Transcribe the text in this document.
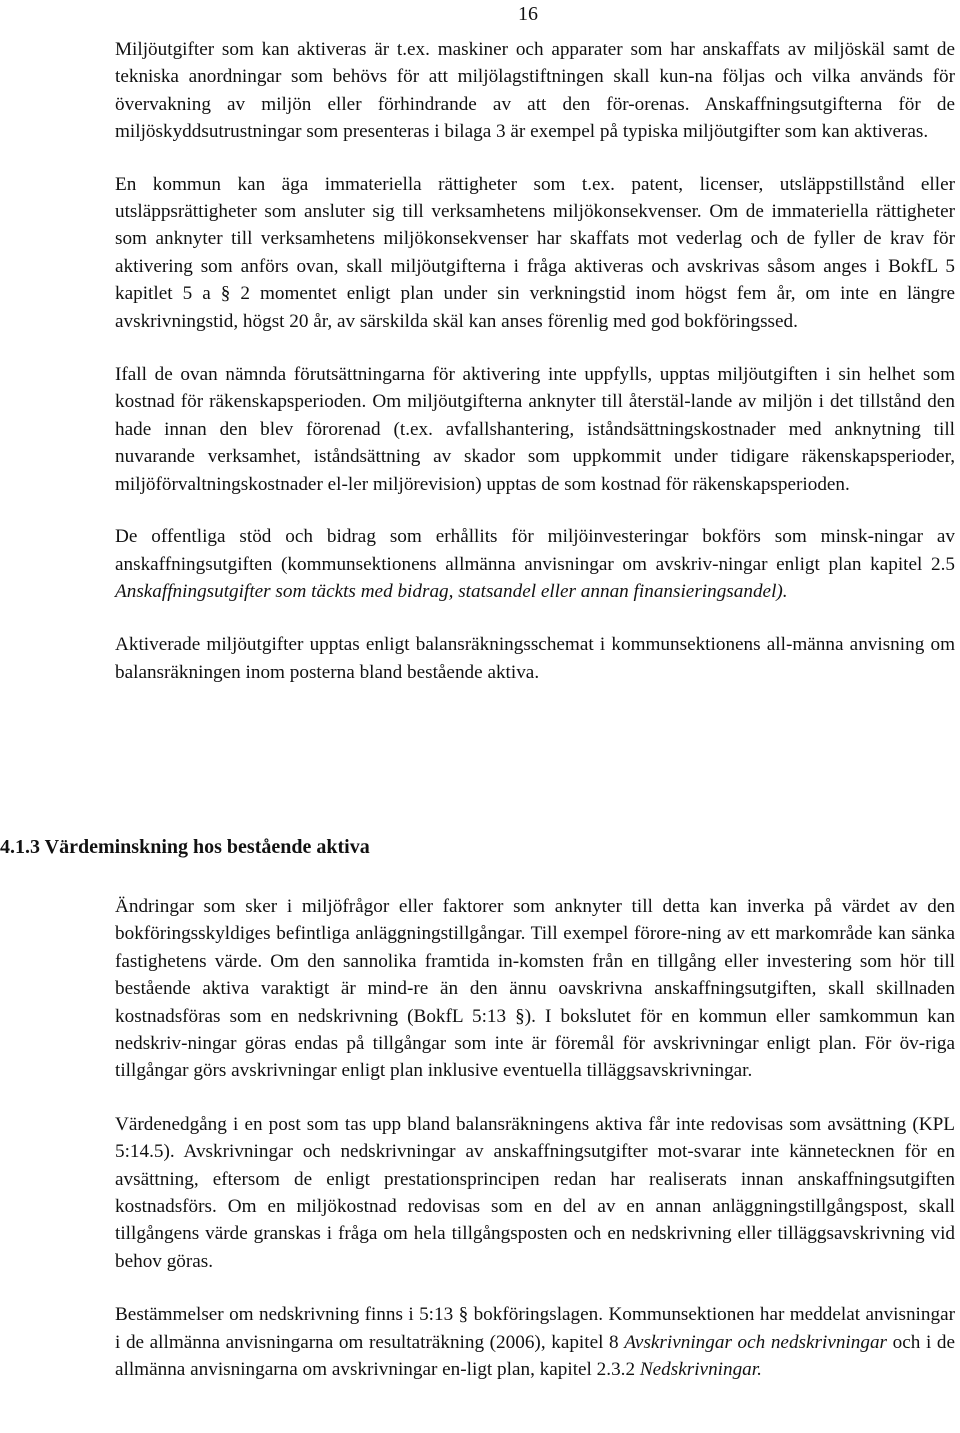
16

Miljöutgifter som kan aktiveras är t.ex. maskiner och apparater som har anskaffats av miljöskäl samt de tekniska anordningar som behövs för att miljölagstiftningen skall kun-na följas och vilka används för övervakning av miljön eller förhindrande av att den för-orenas. Anskaffningsutgifterna för de miljöskyddsutrustningar som presenteras i bilaga 3 är exempel på typiska miljöutgifter som kan aktiveras.

En kommun kan äga immateriella rättigheter som t.ex. patent, licenser, utsläppstillstånd eller utsläppsrättigheter som ansluter sig till verksamhetens miljökonsekvenser. Om de immateriella rättigheter som anknyter till verksamhetens miljökonsekvenser har skaffats mot vederlag och de fyller de krav för aktivering som anförs ovan, skall miljöutgifterna i fråga aktiveras och avskrivas såsom anges i BokfL 5 kapitlet 5 a § 2 momentet enligt plan under sin verkningstid inom högst fem år, om inte en längre avskrivningstid, högst 20 år, av särskilda skäl kan anses förenlig med god bokföringssed.

Ifall de ovan nämnda förutsättningarna för aktivering inte uppfylls, upptas miljöutgiften i sin helhet som kostnad för räkenskapsperioden. Om miljöutgifterna anknyter till återstäl-lande av miljön i det tillstånd den hade innan den blev förorenad (t.ex. avfallshantering, iståndsättningskostnader med anknytning till nuvarande verksamhet, iståndsättning av skador som uppkommit under tidigare räkenskapsperioder, miljöförvaltningskostnader el-ler miljörevision) upptas de som kostnad för räkenskapsperioden.

De offentliga stöd och bidrag som erhållits för miljöinvesteringar bokförs som minsk-ningar av anskaffningsutgiften (kommunsektionens allmänna anvisningar om avskriv-ningar enligt plan kapitel 2.5 Anskaffningsutgifter som täckts med bidrag, statsandel eller annan finansieringsandel).

Aktiverade miljöutgifter upptas enligt balansräkningsschemat i kommunsektionens all-männa anvisning om balansräkningen inom posterna bland bestående aktiva.

4.1.3 Värdeminskning hos bestående aktiva

Ändringar som sker i miljöfrågor eller faktorer som anknyter till detta kan inverka på värdet av den bokföringsskyldiges befintliga anläggningstillgångar. Till exempel förore-ning av ett markområde kan sänka fastighetens värde. Om den sannolika framtida in-komsten från en tillgång eller investering som hör till bestående aktiva varaktigt är mind-re än den ännu oavskrivna anskaffningsutgiften, skall skillnaden kostnadsföras som en nedskrivning (BokfL 5:13 §). I bokslutet för en kommun eller samkommun kan nedskriv-ningar göras endas på tillgångar som inte är föremål för avskrivningar enligt plan. För öv-riga tillgångar görs avskrivningar enligt plan inklusive eventuella tilläggsavskrivningar.

Värdenedgång i en post som tas upp bland balansräkningens aktiva får inte redovisas som avsättning (KPL 5:14.5). Avskrivningar och nedskrivningar av anskaffningsutgifter mot-svarar inte kännetecknen för en avsättning, eftersom de enligt prestationsprincipen redan har realiserats innan anskaffningsutgiften kostnadsförs. Om en miljökostnad redovisas som en del av en annan anläggningstillgångspost, skall tillgångens värde granskas i fråga om hela tillgångsposten och en nedskrivning eller tilläggsavskrivning vid behov göras.

Bestämmelser om nedskrivning finns i 5:13 § bokföringslagen. Kommunsektionen har meddelat anvisningar i de allmänna anvisningarna om resultaträkning (2006), kapitel 8 Avskrivningar och nedskrivningar och i de allmänna anvisningarna om avskrivningar en-ligt plan, kapitel 2.3.2 Nedskrivningar.
